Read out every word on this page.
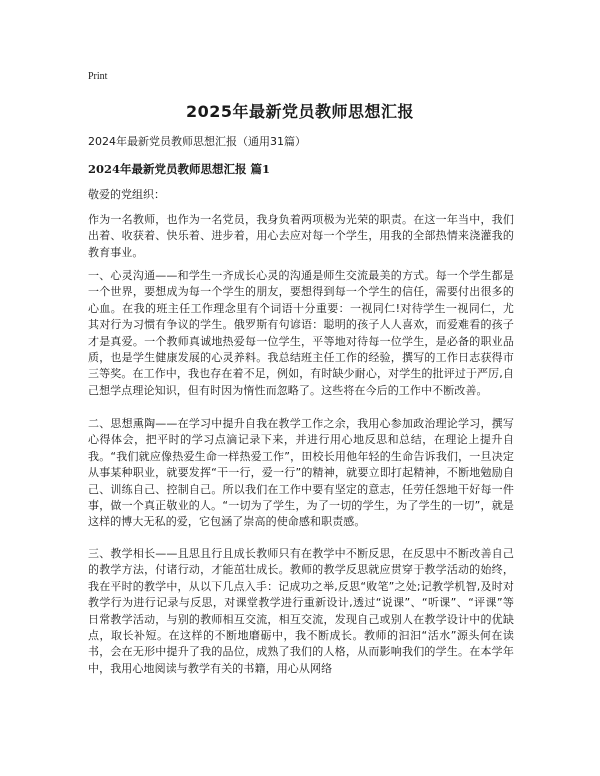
Print
2025年最新党员教师思想汇报
2024年最新党员教师思想汇报（通用31篇）
2024年最新党员教师思想汇报 篇1
敬爱的党组织：

作为一名教师，也作为一名党员，我身负着两项极为光荣的职责。在这一年当中，我们出着、收获着、快乐着、进步着，用心去应对每一个学生，用我的全部热情来浇灌我的教育事业。

一、心灵沟通——和学生一齐成长心灵的沟通是师生交流最美的方式。每一个学生都是一个世界，要想成为每一个学生的朋友，要想得到每一个学生的信任，需要付出很多的心血。在我的班主任工作理念里有个词语十分重要：一视同仁!对待学生一视同仁，尤其对行为习惯有争议的学生。俄罗斯有句谚语：聪明的孩子人人喜欢，而爱难看的孩子才是真爱。一个教师真诚地热爱每一位学生，平等地对待每一位学生，是必备的职业品质，也是学生健康发展的心灵养料。我总结班主任工作的经验，撰写的工作日志获得市三等奖。在工作中，我也存在着不足，例如，有时缺少耐心，对学生的批评过于严厉,自己想学点理论知识，但有时因为惰性而忽略了。这些将在今后的工作中不断改善。

二、思想熏陶——在学习中提升自我在教学工作之余，我用心参加政治理论学习，撰写心得体会，把平时的学习点滴记录下来，并进行用心地反思和总结，在理论上提升自我。“我们就应像热爱生命一样热爱工作”，田校长用他年轻的生命告诉我们，一旦决定从事某种职业，就要发挥“干一行，爱一行”的精神，就要立即打起精神，不断地勉励自己、训练自己、控制自己。所以我们在工作中要有坚定的意志，任劳任怨地干好每一件事，做一个真正敬业的人。“一切为了学生，为了一切的学生，为了学生的一切”，就是这样的博大无私的爱，它包涵了崇高的使命感和职责感。

三、教学相长——且思且行且成长教师只有在教学中不断反思，在反思中不断改善自己的教学方法，付诸行动，才能茁壮成长。教师的教学反思就应贯穿于教学活动的始终，我在平时的教学中，从以下几点入手：记成功之举,反思“败笔”之处;记教学机智,及时对教学行为进行记录与反思，对课堂教学进行重新设计,透过“说课”、“听课”、“评课”等日常教学活动，与别的教师相互交流，相互交流，发现自己或别人在教学设计中的优缺点，取长补短。在这样的不断地磨砺中，我不断成长。教师的汩汩“活水”源头何在读书，会在无形中提升了我的品位，成熟了我们的人格，从而影响我们的学生。在本学年中，我用心地阅读与教学有关的书籍，用心从网络
